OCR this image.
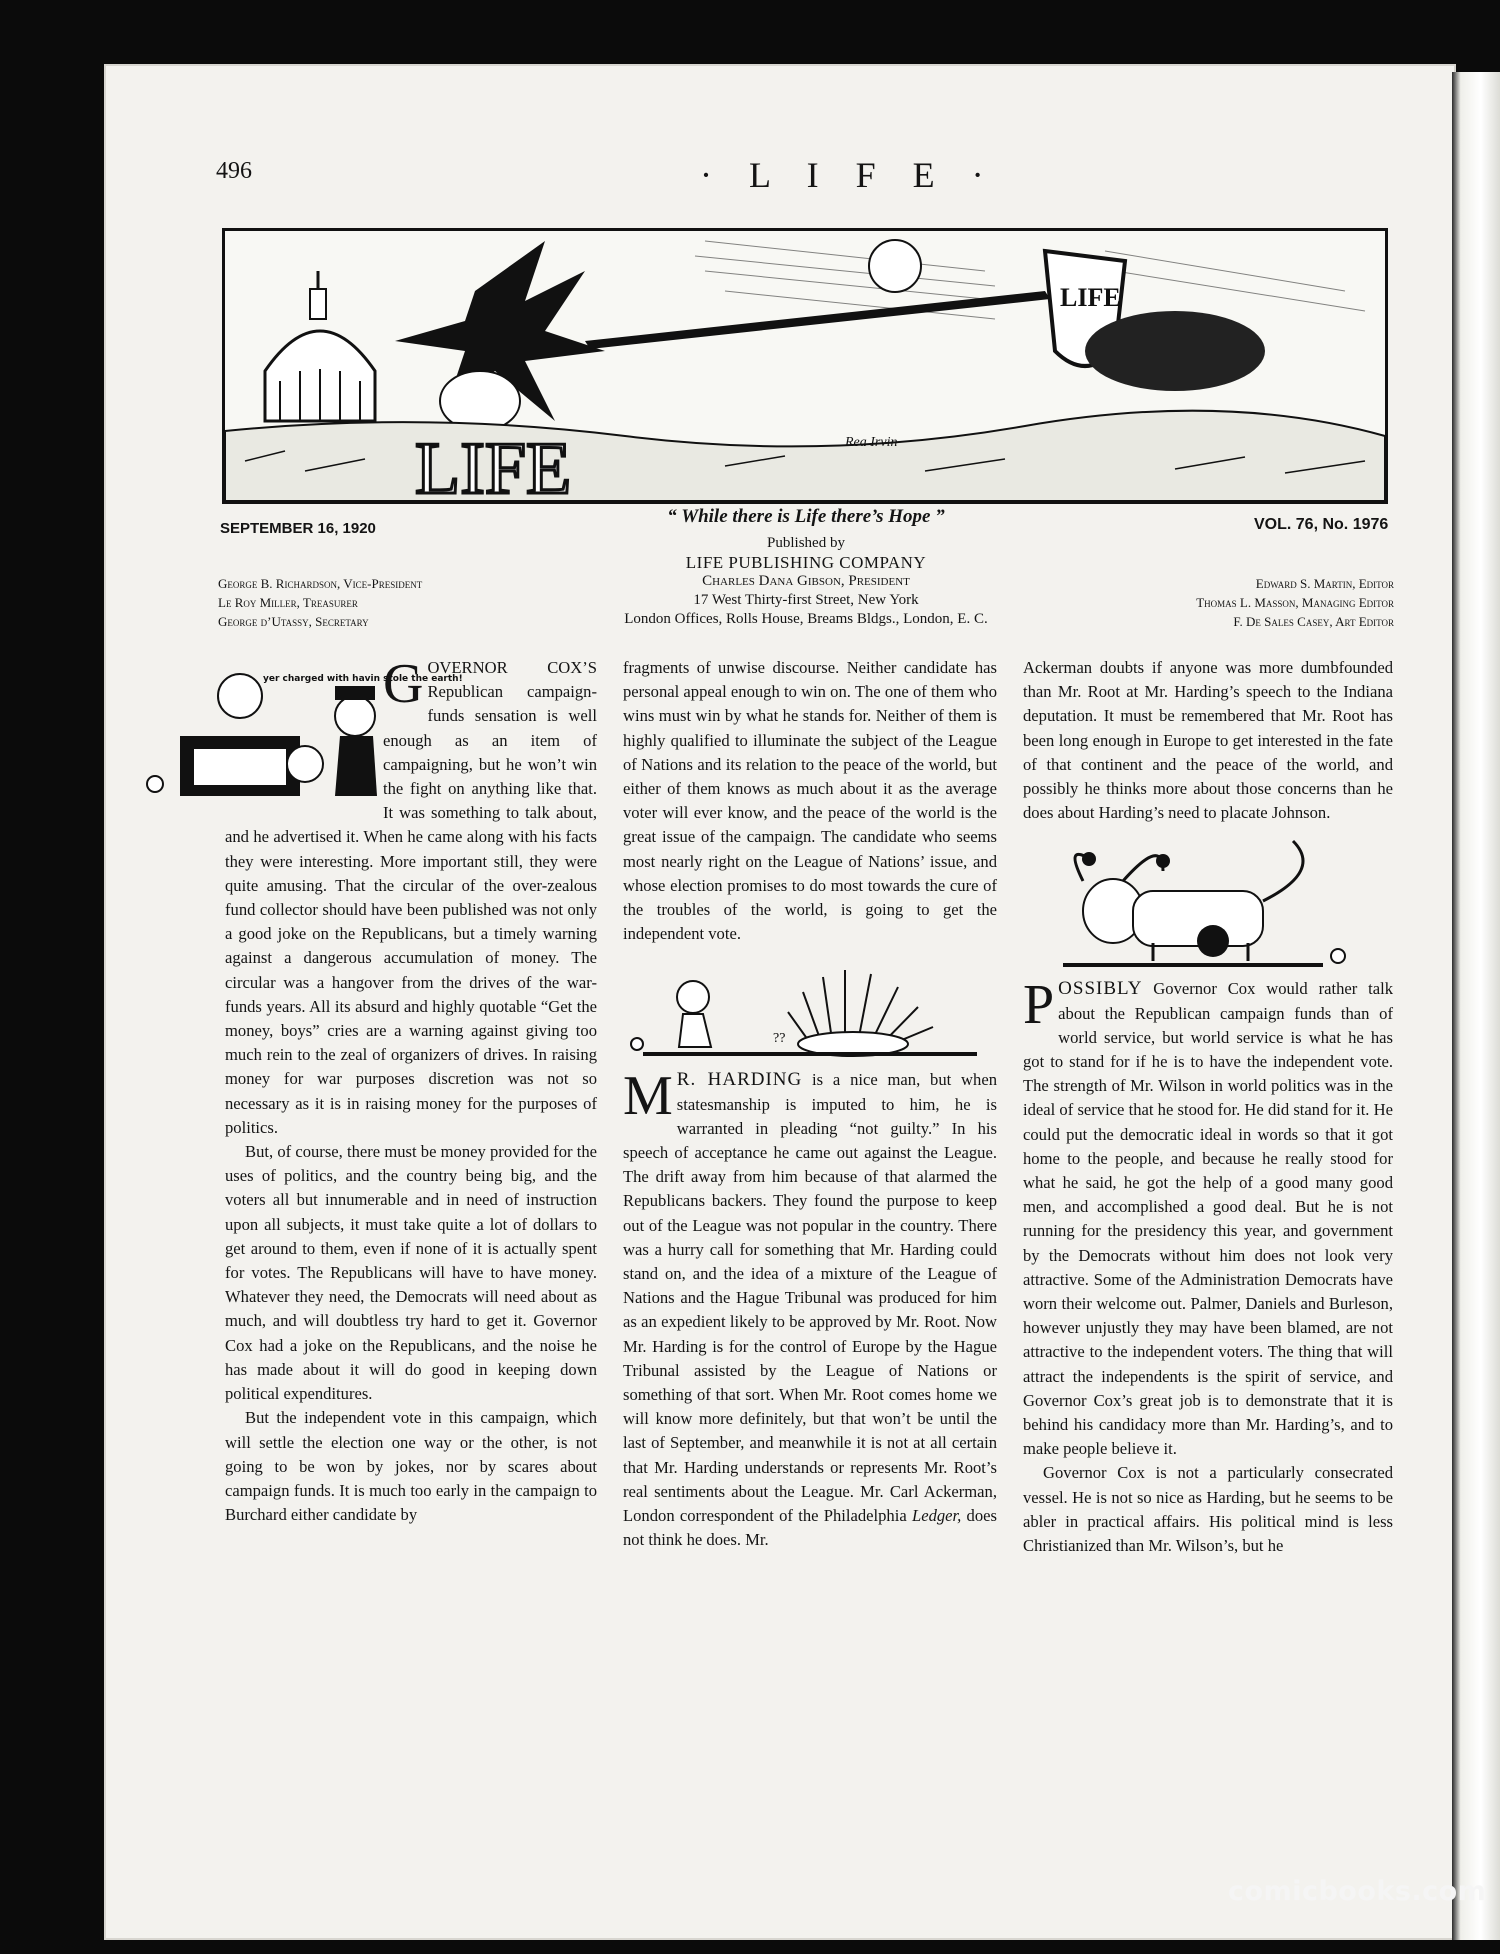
496	· L I F E ·
LIFE
LIFE	Rea Irvin
SEPTEMBER 16, 1920
“ While there is Life there’s Hope ”	VOL. 76, No. 1976
Published by
LIFE PUBLISHING COMPANY
Charles Dana Gibson, President
17 West Thirty-first Street, New York
London Offices, Rolls House, Breams Bldgs., London, E. C.
George B. Richardson, Vice-President
Le Roy Miller, Treasurer
George d’Utassy, Secretary
Edward S. Martin, Editor
Thomas L. Masson, Managing Editor
F. De Sales Casey, Art Editor
yer charged with havin stole the earth!

GOVERNOR COX’S Republican campaign-funds sensation is well enough as an item of campaigning, but he won’t win the fight on anything like that. It was something to talk about, and he advertised it. When he came along with his facts they were interesting. More important still, they were quite amusing. That the circular of the over-zealous fund collector should have been published was not only a good joke on the Republicans, but a timely warning against a dangerous accumulation of money. The circular was a hangover from the drives of the war-funds years. All its absurd and highly quotable “Get the money, boys” cries are a warning against giving too much rein to the zeal of organizers of drives. In raising money for war purposes discretion was not so necessary as it is in raising money for the purposes of politics.

But, of course, there must be money provided for the uses of politics, and the country being big, and the voters all but innumerable and in need of instruction upon all subjects, it must take quite a lot of dollars to get around to them, even if none of it is actually spent for votes. The Republicans will have to have money. Whatever they need, the Democrats will need about as much, and will doubtless try hard to get it. Governor Cox had a joke on the Republicans, and the noise he has made about it will do good in keeping down political expenditures.

But the independent vote in this campaign, which will settle the election one way or the other, is not going to be won by jokes, nor by scares about campaign funds. It is much too early in the campaign to Burchard either candidate by

fragments of unwise discourse. Neither candidate has personal appeal enough to win on. The one of them who wins must win by what he stands for. Neither of them is highly qualified to illuminate the subject of the League of Nations and its relation to the peace of the world, but either of them knows as much about it as the average voter will ever know, and the peace of the world is the great issue of the campaign. The candidate who seems most nearly right on the League of Nations’ issue, and whose election promises to do most towards the cure of the troubles of the world, is going to get the independent vote.

??

M R. HARDING is a nice man, but when statesmanship is imputed to him, he is warranted in pleading “not guilty.” In his speech of acceptance he came out against the League. The drift away from him because of that alarmed the Republicans backers. They found the purpose to keep out of the League was not popular in the country. There was a hurry call for something that Mr. Harding could stand on, and the idea of a mixture of the League of Nations and the Hague Tribunal was produced for him as an expedient likely to be approved by Mr. Root. Now Mr. Harding is for the control of Europe by the Hague Tribunal assisted by the League of Nations or something of that sort. When Mr. Root comes home we will know more definitely, but that won’t be until the last of September, and meanwhile it is not at all certain that Mr. Harding understands or represents Mr. Root’s real sentiments about the League. Mr. Carl Ackerman, London correspondent of the Philadelphia Ledger, does not think he does. Mr.

Ackerman doubts if anyone was more dumbfounded than Mr. Root at Mr. Harding’s speech to the Indiana deputation. It must be remembered that Mr. Root has been long enough in Europe to get interested in the fate of that continent and the peace of the world, and possibly he thinks more about those concerns than he does about Harding’s need to placate Johnson.

POSSIBLY Governor Cox would rather talk about the Republican campaign funds than of world service, but world service is what he has got to stand for if he is to have the independent vote. The strength of Mr. Wilson in world politics was in the ideal of service that he stood for. He did stand for it. He could put the democratic ideal in words so that it got home to the people, and because he really stood for what he said, he got the help of a good many good men, and accomplished a good deal. But he is not running for the presidency this year, and government by the Democrats without him does not look very attractive. Some of the Administration Democrats have worn their welcome out. Palmer, Daniels and Burleson, however unjustly they may have been blamed, are not attractive to the independent voters. The thing that will attract the independents is the spirit of service, and Governor Cox’s great job is to demonstrate that it is behind his candidacy more than Mr. Harding’s, and to make people believe it.

Governor Cox is not a particularly consecrated vessel. He is not so nice as Harding, but he seems to be abler in practical affairs. His political mind is less Christianized than Mr. Wilson’s, but he

comicbooks.com
